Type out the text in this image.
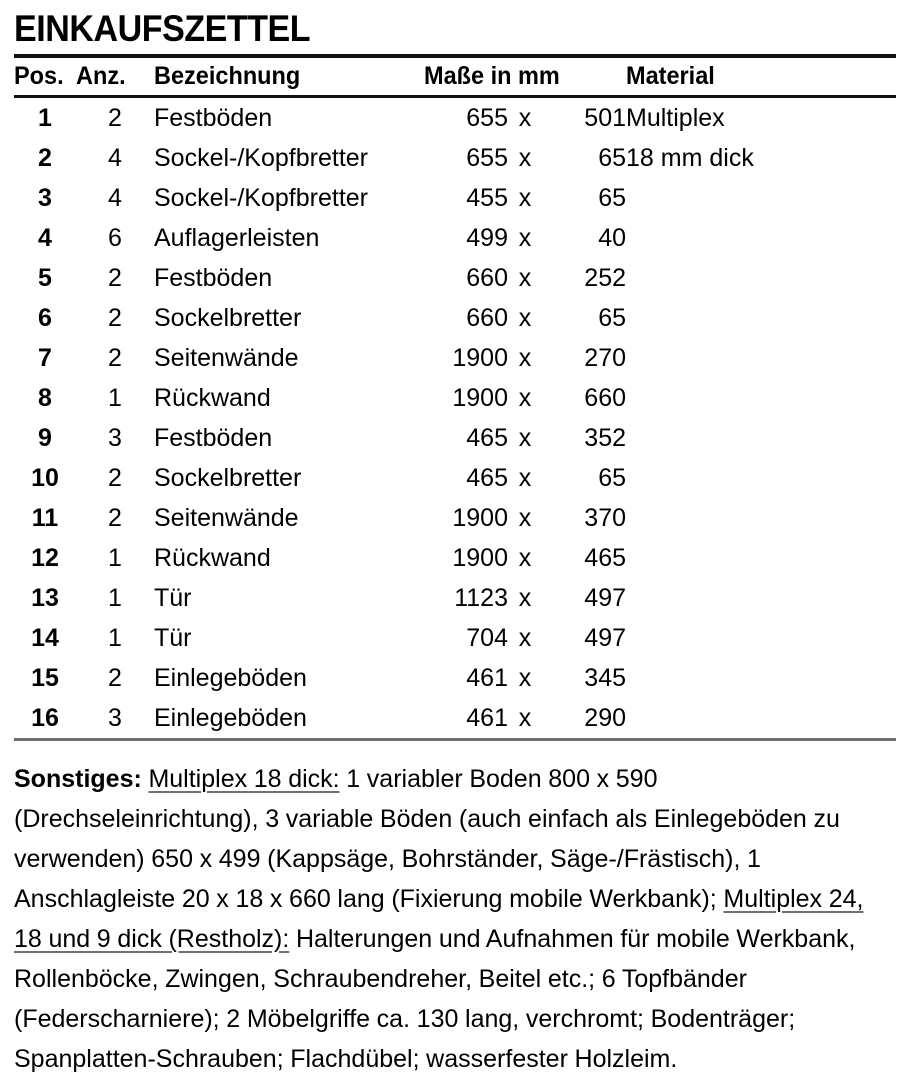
EINKAUFSZETTEL
Pos.	Anz.	Bezeichnung	Maße in mm			Material

1	2	Festböden	655	x	501	Multiplex
2	4	Sockel-/Kopfbretter	655	x	65	18 mm dick
3	4	Sockel-/Kopfbretter	455	x	65	
4	6	Auflagerleisten	499	x	40	
5	2	Festböden	660	x	252	
6	2	Sockelbretter	660	x	65	
7	2	Seitenwände	1900	x	270	
8	1	Rückwand	1900	x	660	
9	3	Festböden	465	x	352	
10	2	Sockelbretter	465	x	65	
11	2	Seitenwände	1900	x	370	
12	1	Rückwand	1900	x	465	
13	1	Tür	1123	x	497	
14	1	Tür	704	x	497	
15	2	Einlegeböden	461	x	345	
16	3	Einlegeböden	461	x	290	

Sonstiges: Multiplex 18 dick: 1 variabler Boden 800 x 590 (Drechseleinrichtung), 3 variable Böden (auch einfach als Einlegeböden zu verwenden) 650 x 499 (Kappsäge, Bohrständer, Säge-/Frästisch), 1 Anschlagleiste 20 x 18 x 660 lang (Fixierung mobile Werkbank); Multiplex 24, 18 und 9 dick (Restholz): Halterungen und Aufnahmen für mobile Werkbank, Rollenböcke, Zwingen, Schraubendreher, Beitel etc.; 6 Topfbänder (Federscharniere); 2 Möbelgriffe ca. 130 lang, verchromt; Bodenträger; Spanplatten-Schrauben; Flachdübel; wasserfester Holzleim.
